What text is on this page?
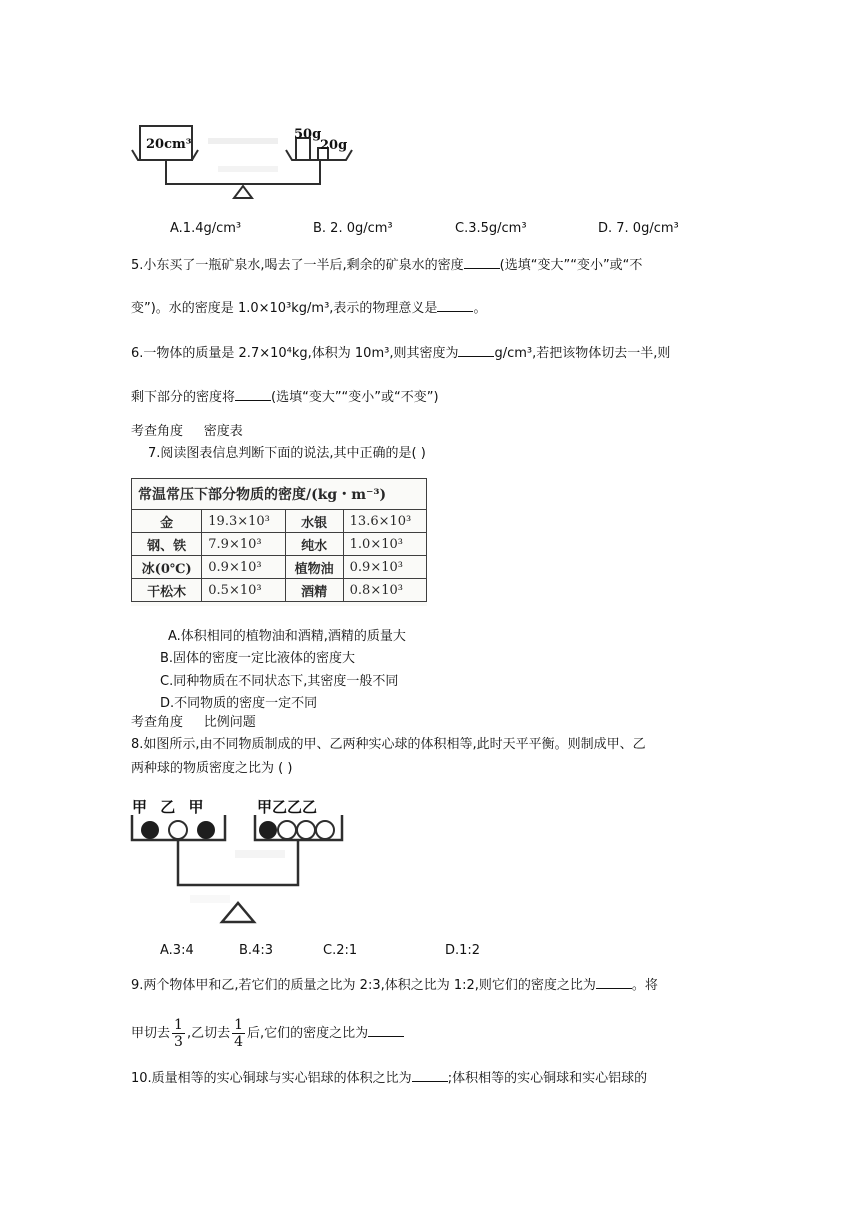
20cm³
50g
20g
A.1.4g/cm³	B. 2. 0g/cm³	C.3.5g/cm³	D. 7. 0g/cm³
5.小东买了一瓶矿泉水,喝去了一半后,剩余的矿泉水的密度	(选填“变大”“变小”或“不
变”)。水的密度是 1.0×10³kg/m³,表示的物理意义是	。
6.一物体的质量是 2.7×10⁴kg,体积为 10m³,则其密度为	g/cm³,若把该物体切去一半,则
剩下部分的密度将	(选填“变大”“变小”或“不变”)
考查角度 密度表
7.阅读图表信息判断下面的说法,其中正确的是( )
常温常压下部分物质的密度/(kg・m⁻³)			
金	19.3×10³	水银	13.6×10³
钢、铁	7.9×10³	纯水	1.0×10³
冰(0℃)	0.9×10³	植物油	0.9×10³
干松木	0.5×10³	酒精	0.8×10³
A.体积相同的植物油和酒精,酒精的质量大
B.固体的密度一定比液体的密度大
C.同种物质在不同状态下,其密度一般不同
D.不同物质的密度一定不同
考查角度 比例问题
8.如图所示,由不同物质制成的甲、乙两种实心球的体积相等,此时天平平衡。则制成甲、乙
两种球的物质密度之比为 ( )
甲 乙 甲	甲乙乙乙
A.3:4	B.4:3	C.2:1	D.1:2
9.两个物体甲和乙,若它们的质量之比为 2:3,体积之比为 1:2,则它们的密度之比为	。将
甲切去 $\frac{1}{3}$ ,乙切去 $\frac{1}{4}$ 后,它们的密度之比为
10.质量相等的实心铜球与实心铝球的体积之比为	;体积相等的实心铜球和实心铝球的
